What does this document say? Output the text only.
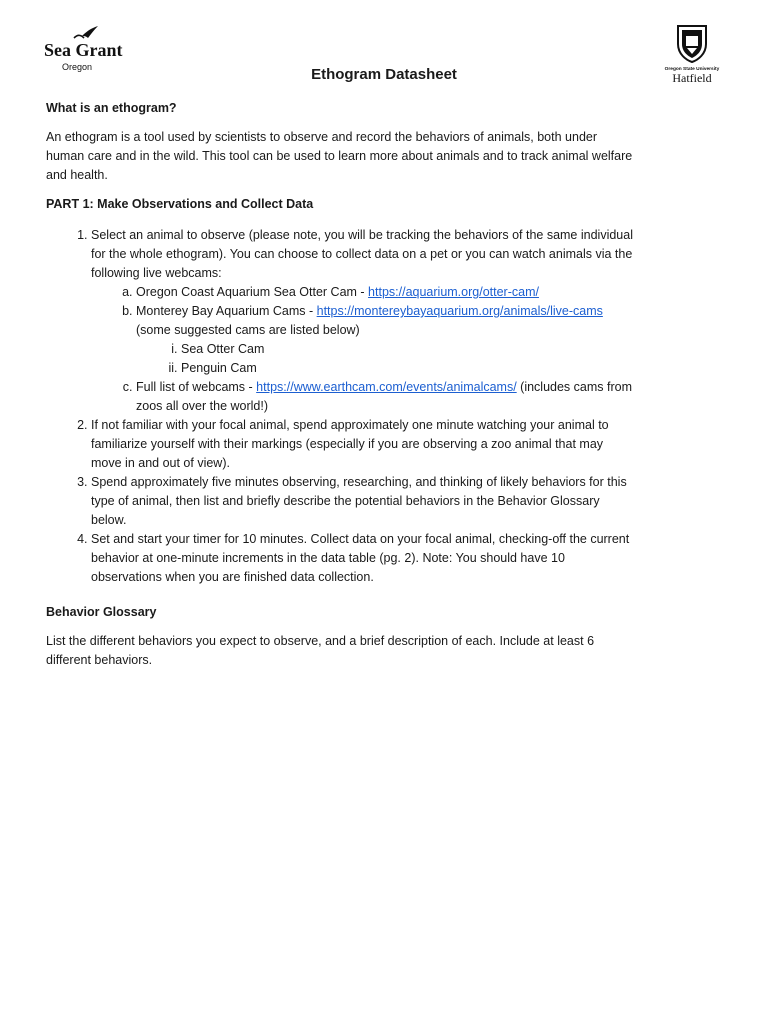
Sea Grant
Oregon	Oregon State University
Hatfield
Ethogram Datasheet
What is an ethogram?

An ethogram is a tool used by scientists to observe and record the behaviors of animals, both under human care and in the wild. This tool can be used to learn more about animals and to track animal welfare and health.

PART 1: Make Observations and Collect Data
1. Select an animal to observe (please note, you will be tracking the behaviors of the same individual for the whole ethogram). You can choose to collect data on a pet or you can watch animals via the following live webcams:
a. Oregon Coast Aquarium Sea Otter Cam - https://aquarium.org/otter-cam/
b. Monterey Bay Aquarium Cams - https://montereybayaquarium.org/animals/live-cams (some suggested cams are listed below)
i. Sea Otter Cam
ii. Penguin Cam
c. Full list of webcams - https://www.earthcam.com/events/animalcams/ (includes cams from zoos all over the world!)
2. If not familiar with your focal animal, spend approximately one minute watching your animal to familiarize yourself with their markings (especially if you are observing a zoo animal that may move in and out of view).
3. Spend approximately five minutes observing, researching, and thinking of likely behaviors for this type of animal, then list and briefly describe the potential behaviors in the Behavior Glossary below.
4. Set and start your timer for 10 minutes. Collect data on your focal animal, checking-off the current behavior at one-minute increments in the data table (pg. 2). Note: You should have 10 observations when you are finished data collection.
Behavior Glossary

List the different behaviors you expect to observe, and a brief description of each. Include at least 6 different behaviors.
